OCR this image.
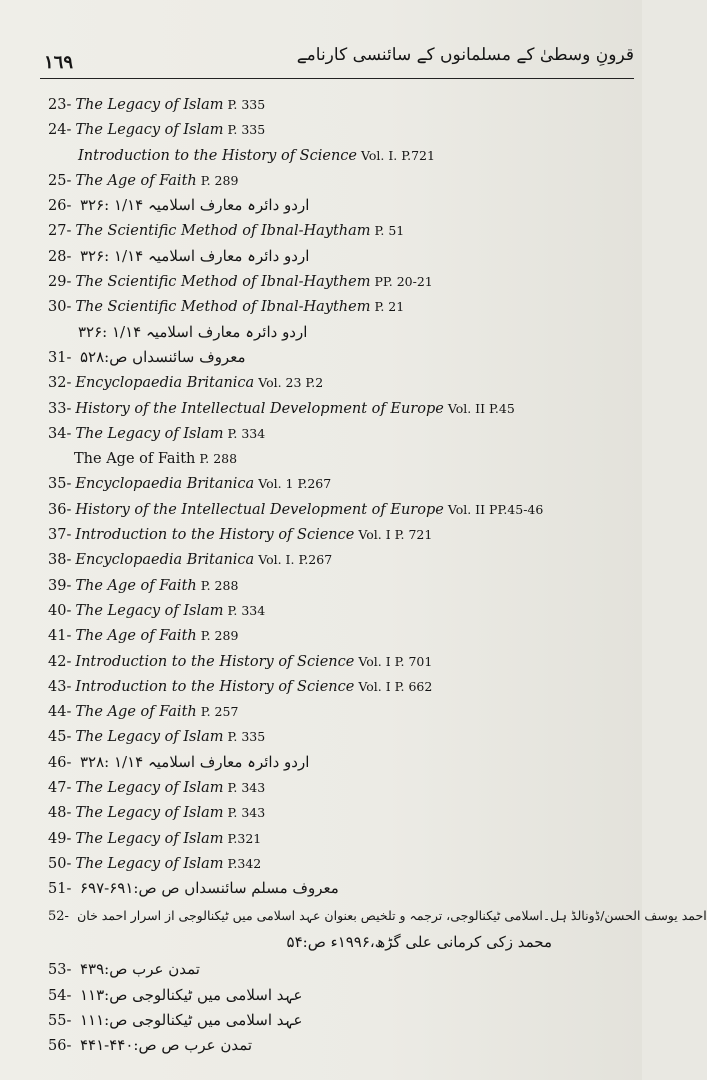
١٦٩	قرونِ وسطیٰ کے مسلمانوں کے سائنسی کارنامے
23- The Legacy of Islam P. 335
24- The Legacy of Islam P. 335
Introduction to the History of Science Vol. I. P.721
25- The Age of Faith P. 289
26- اردو دائرہ معارف اسلامیہ ۱/۱۴ :۳۲۶
27- The Scientific Method of Ibnal-Haytham P. 51
28- اردو دائرہ معارف اسلامیہ ۱/۱۴ :۳۲۶
29- The Scientific Method of Ibnal-Haythem PP. 20-21
30- The Scientific Method of Ibnal-Haythem P. 21
اردو دائرہ معارف اسلامیہ ۱/۱۴ :۳۲۶
31- معروف سائنسداں ص:۵۲۸
32- Encyclopaedia Britanica Vol. 23 P.2
33- History of the Intellectual Development of Europe Vol. II P.45
34- The Legacy of Islam P. 334
The Age of Faith P. 288
35- Encyclopaedia Britanica Vol. 1 P.267
36- History of the Intellectual Development of Europe Vol. II PP.45-46
37- Introduction to the History of Science Vol. I P. 721
38- Encyclopaedia Britanica Vol. I. P.267
39- The Age of Faith P. 288
40- The Legacy of Islam P. 334
41- The Age of Faith P. 289
42- Introduction to the History of Science Vol. I P. 701
43- Introduction to the History of Science Vol. I P. 662
44- The Age of Faith P. 257
45- The Legacy of Islam P. 335
46- اردو دائرہ معارف اسلامیہ ۱/۱۴ :۳۲۸
47- The Legacy of Islam P. 343
48- The Legacy of Islam P. 343
49- The Legacy of Islam P.321
50- The Legacy of Islam P.342
51- معروف مسلم سائنسداں ص ص:۶۹۱-۶۹۷
52- احمد یوسف الحسن/ڈونالڈ ہل۔اسلامی ٹیکنالوجی، ترجمہ و تلخیص بعنوان عہد اسلامی میں ٹیکنالوجی از اسرار احمد خان
محمد زکی کرمانی علی گڑھ،۱۹۹۶ء ص:۵۴
53- تمدن عرب ص:۴۳۹
54- عہد اسلامی میں ٹیکنالوجی ص:۱۱۳
55- عہد اسلامی میں ٹیکنالوجی ص:۱۱۱
56- تمدن عرب ص ص:۴۴۰-۴۴۱
